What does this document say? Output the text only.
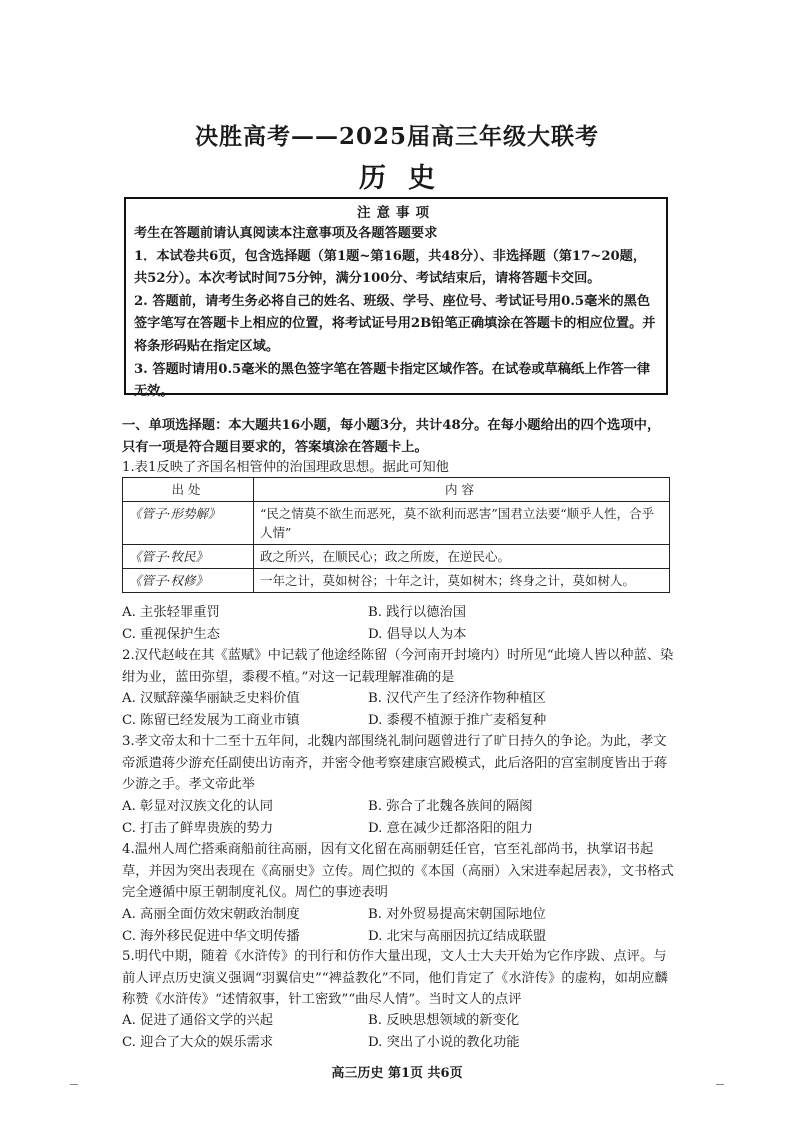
决胜高考——2025届高三年级大联考
历史
注意事项

考生在答题前请认真阅读本注意事项及各题答题要求

1．本试卷共6页，包含选择题（第1题~第16题，共48分）、非选择题（第17~20题，共52分）。本次考试时间75分钟，满分100分、考试结束后，请将答题卡交回。

2. 答题前，请考生务必将自己的姓名、班级、学号、座位号、考试证号用0.5毫米的黑色签字笔写在答题卡上相应的位置，将考试证号用2B铅笔正确填涂在答题卡的相应位置。并将条形码贴在指定区域。

3. 答题时请用0.5毫米的黑色签字笔在答题卡指定区域作答。在试卷或草稿纸上作答一律无效。

一、单项选择题：本大题共16小题，每小题3分，共计48分。在每小题给出的四个选项中，只有一项是符合题目要求的，答案填涂在答题卡上。
1.表1反映了齐国名相管仲的治国理政思想。据此可知他
出处	内容
《管子·形势解》	“民之情莫不欲生而恶死，莫不欲利而恶害”国君立法要“顺乎人性，合乎人情”
《管子·牧民》	政之所兴，在顺民心；政之所废，在逆民心。
《管子·权修》	一年之计，莫如树谷；十年之计，莫如树木；终身之计，莫如树人。
A. 主张轻罪重罚	B. 践行以德治国
C. 重视保护生态	D. 倡导以人为本
2.汉代赵岐在其《蓝赋》中记载了他途经陈留（今河南开封境内）时所见“此境人皆以种蓝、染绀为业，蓝田弥望，黍稷不植。”对这一记载理解准确的是
A. 汉赋辞藻华丽缺乏史料价值	B. 汉代产生了经济作物种植区
C. 陈留已经发展为工商业市镇	D. 黍稷不植源于推广麦稻复种
3.孝文帝太和十二至十五年间，北魏内部围绕礼制问题曾进行了旷日持久的争论。为此，孝文帝派遣蒋少游充任副使出访南齐，并密令他考察建康宫殿模式，此后洛阳的宫室制度皆出于蒋少游之手。孝文帝此举
A. 彰显对汉族文化的认同	B. 弥合了北魏各族间的隔阂
C. 打击了鲜卑贵族的势力	D. 意在减少迁都洛阳的阻力
4.温州人周伫搭乘商船前往高丽，因有文化留在高丽朝廷任官，官至礼部尚书，执掌诏书起草，并因为突出表现在《高丽史》立传。周伫拟的《本国（高丽）入宋进奉起居表》，文书格式完全遵循中原王朝制度礼仪。周伫的事迹表明
A. 高丽全面仿效宋朝政治制度	B. 对外贸易提高宋朝国际地位
C. 海外移民促进中华文明传播	D. 北宋与高丽因抗辽结成联盟
5.明代中期，随着《水浒传》的刊行和仿作大量出现，文人士大夫开始为它作序跋、点评。与前人评点历史演义强调“羽翼信史”“裨益教化”不同，他们肯定了《水浒传》的虚构，如胡应麟称赞《水浒传》“述情叙事，针工密致”“曲尽人情”。当时文人的点评
A. 促进了通俗文学的兴起	B. 反映思想领域的新变化
C. 迎合了大众的娱乐需求	D. 突出了小说的教化功能
高三历史 第1页 共6页
